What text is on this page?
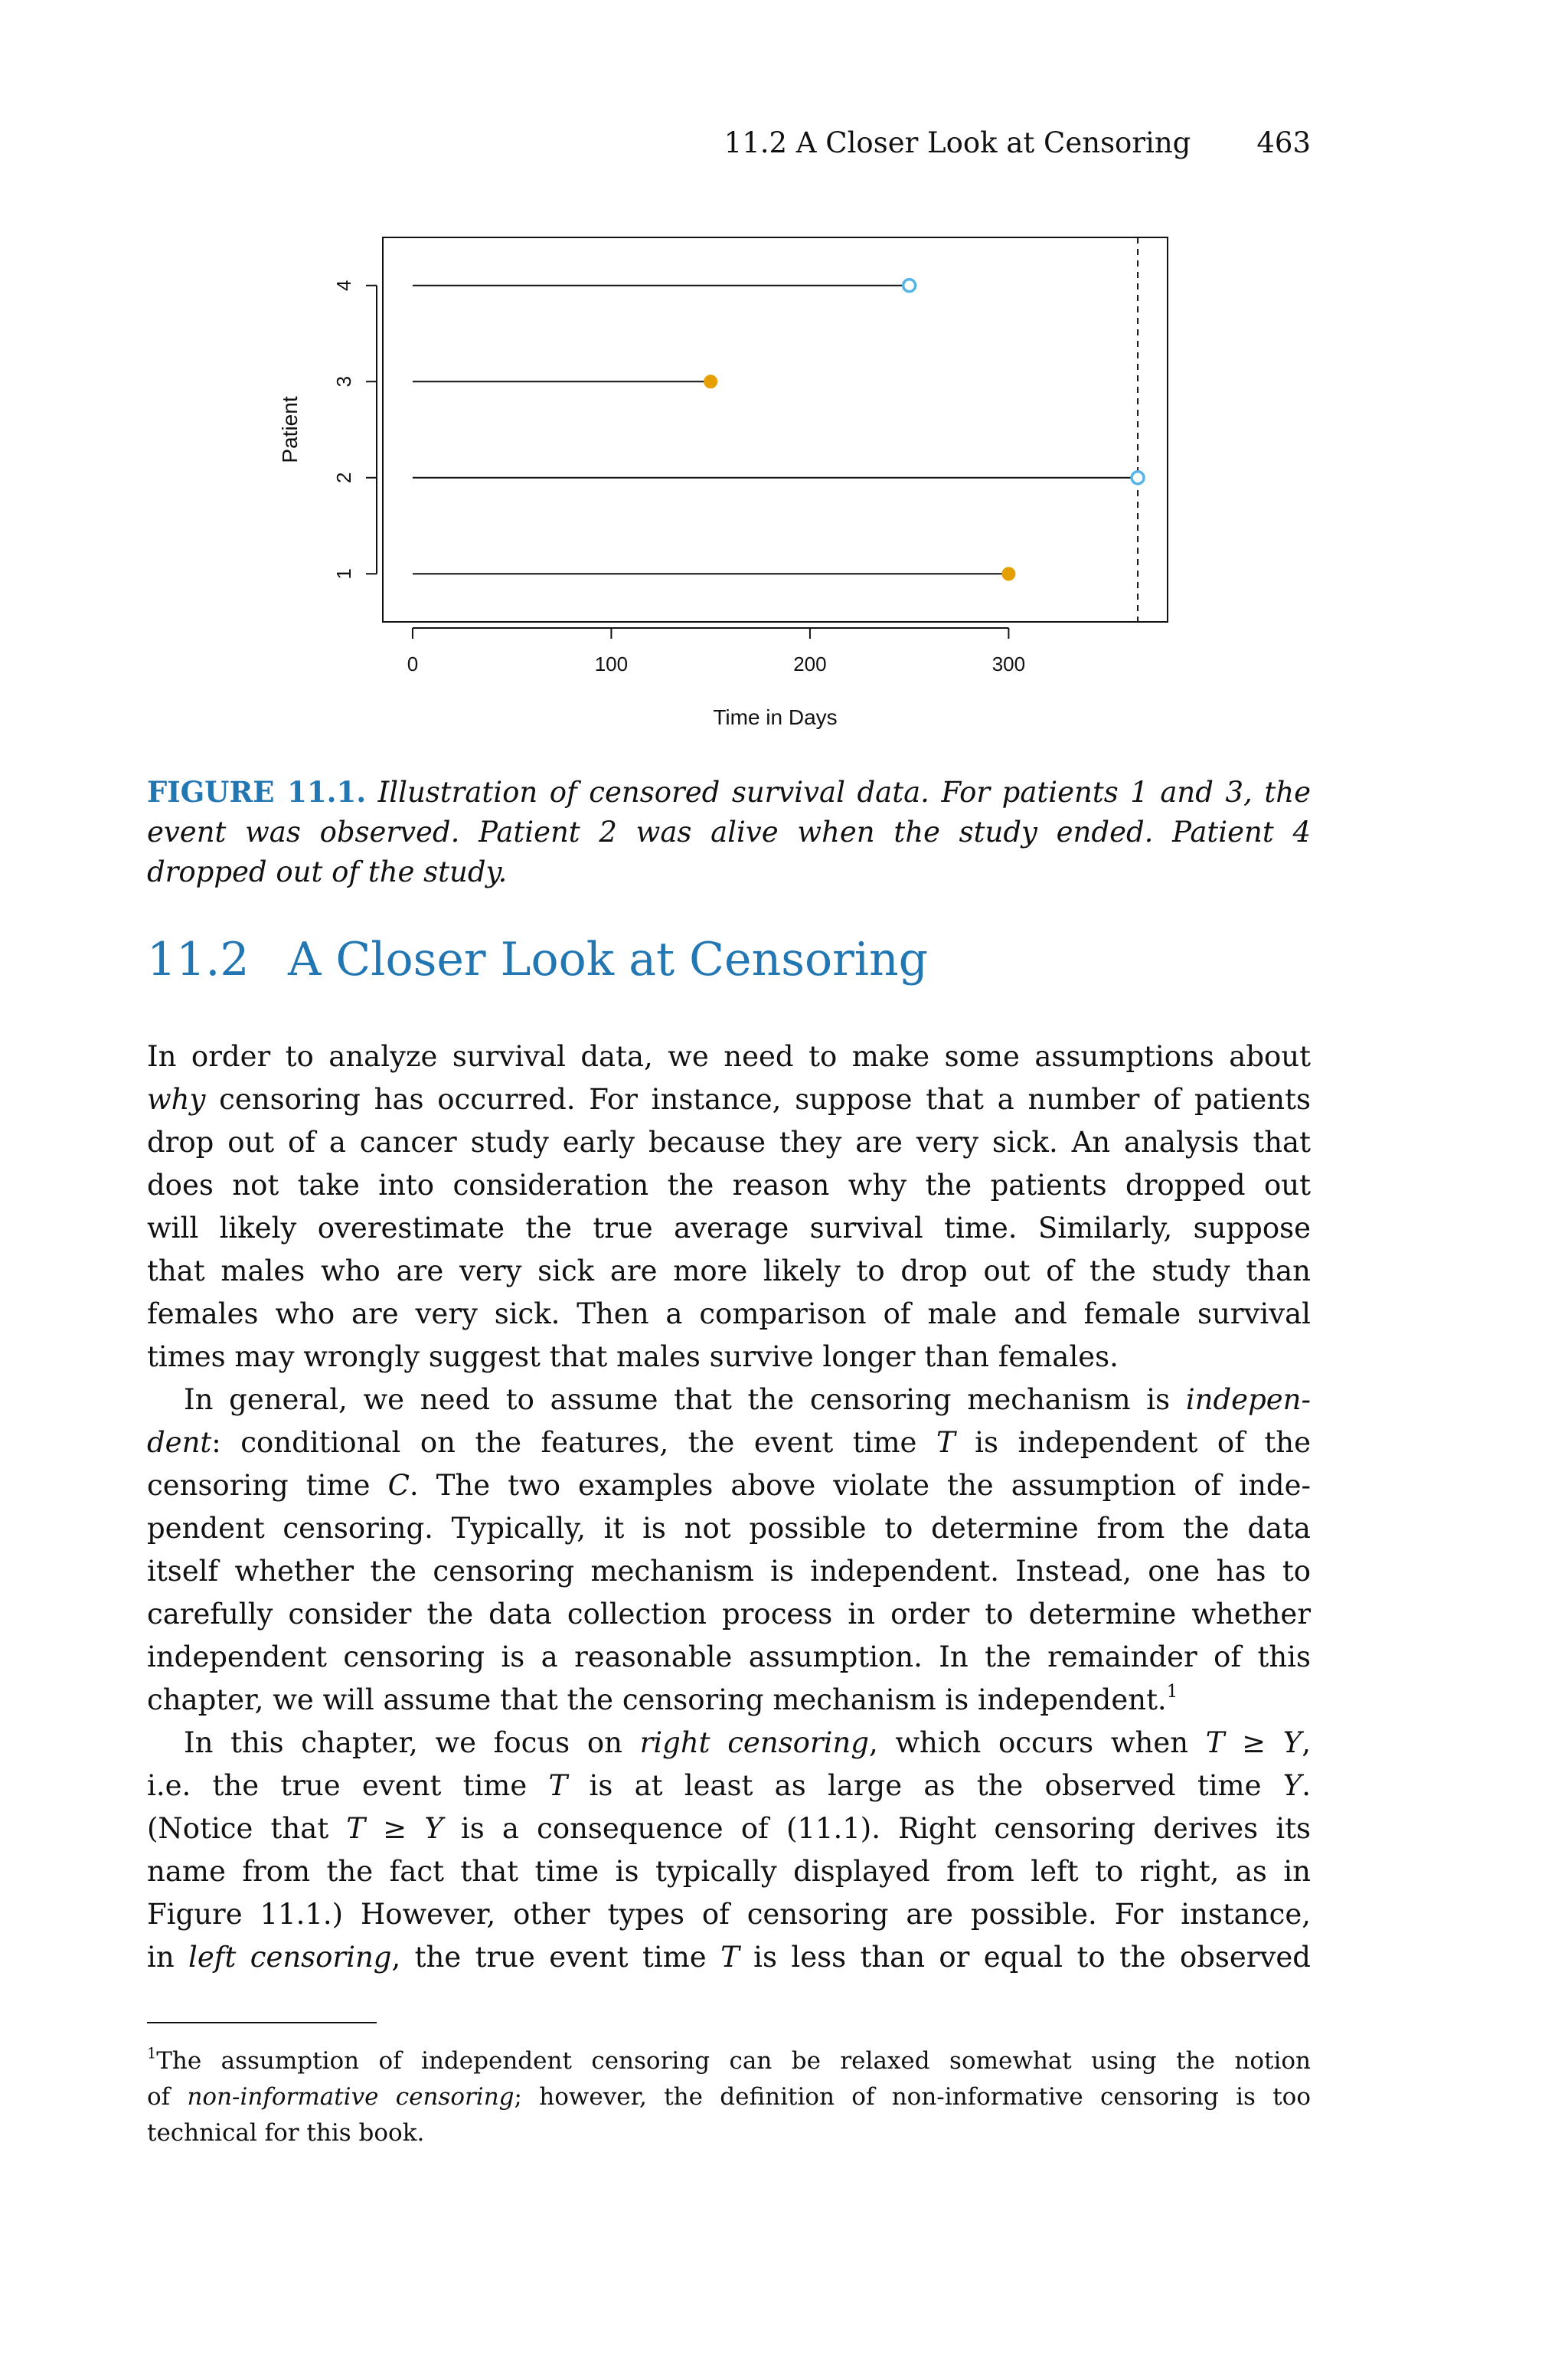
11.2 A Closer Look at Censoring 463
0	100	200	300
Time in Days
1
2
3
4
Patient
FIGURE 11.1. Illustration of censored survival data. For patients 1 and 3, the event was observed. Patient 2 was alive when the study ended. Patient 4 dropped out of the study.
11.2 A Closer Look at Censoring
In order to analyze survival data, we need to make some assumptions about
why censoring has occurred. For instance, suppose that a number of patients
drop out of a cancer study early because they are very sick. An analysis that
does not take into consideration the reason why the patients dropped out
will likely overestimate the true average survival time. Similarly, suppose
that males who are very sick are more likely to drop out of the study than
females who are very sick. Then a comparison of male and female survival
times may wrongly suggest that males survive longer than females.
In general, we need to assume that the censoring mechanism is indepen-
dent: conditional on the features, the event time T is independent of the
censoring time C. The two examples above violate the assumption of inde-
pendent censoring. Typically, it is not possible to determine from the data
itself whether the censoring mechanism is independent. Instead, one has to
carefully consider the data collection process in order to determine whether
independent censoring is a reasonable assumption. In the remainder of this
chapter, we will assume that the censoring mechanism is independent.$^1$
In this chapter, we focus on right censoring, which occurs when T ≥ Y,
i.e. the true event time T is at least as large as the observed time Y.
(Notice that T ≥ Y is a consequence of (11.1). Right censoring derives its
name from the fact that time is typically displayed from left to right, as in
Figure 11.1.) However, other types of censoring are possible. For instance,
in left censoring, the true event time T is less than or equal to the observed
$^1$The assumption of independent censoring can be relaxed somewhat using the notion
of non-informative censoring; however, the definition of non-informative censoring is too
technical for this book.
